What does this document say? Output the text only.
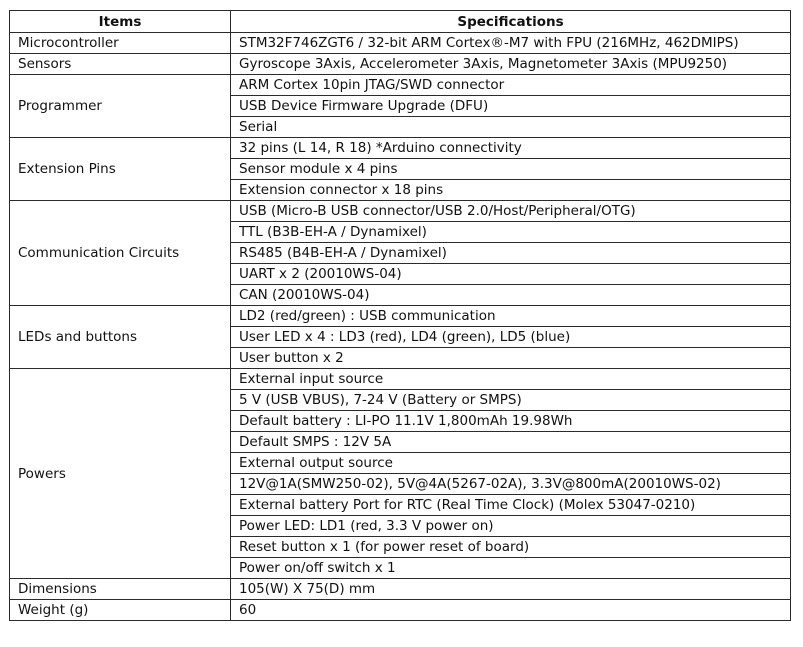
Items	Specifications
Microcontroller	STM32F746ZGT6 / 32-bit ARM Cortex®-M7 with FPU (216MHz, 462DMIPS)
Sensors	Gyroscope 3Axis, Accelerometer 3Axis, Magnetometer 3Axis (MPU9250)
Programmer	ARM Cortex 10pin JTAG/SWD connector
	USB Device Firmware Upgrade (DFU)
	Serial
Extension Pins	32 pins (L 14, R 18) *Arduino connectivity
	Sensor module x 4 pins
	Extension connector x 18 pins
Communication Circuits	USB (Micro-B USB connector/USB 2.0/Host/Peripheral/OTG)
	TTL (B3B-EH-A / Dynamixel)
	RS485 (B4B-EH-A / Dynamixel)
	UART x 2 (20010WS-04)
	CAN (20010WS-04)
LEDs and buttons	LD2 (red/green) : USB communication
	User LED x 4 : LD3 (red), LD4 (green), LD5 (blue)
	User button x 2
Powers	External input source
	5 V (USB VBUS), 7-24 V (Battery or SMPS)
	Default battery : LI-PO 11.1V 1,800mAh 19.98Wh
	Default SMPS : 12V 5A
	External output source
	12V@1A(SMW250-02), 5V@4A(5267-02A), 3.3V@800mA(20010WS-02)
	External battery Port for RTC (Real Time Clock) (Molex 53047-0210)
	Power LED: LD1 (red, 3.3 V power on)
	Reset button x 1 (for power reset of board)
	Power on/off switch x 1
Dimensions	105(W) X 75(D) mm
Weight (g)	60
